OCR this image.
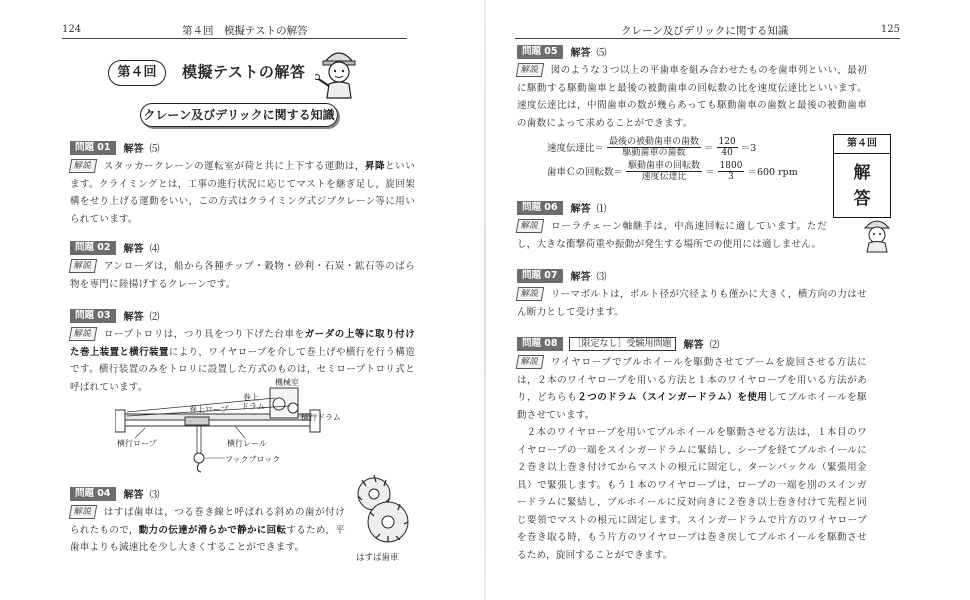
124	第４回　模擬テストの解答
第４回	模擬テストの解答
クレーン及びデリックに関する知識
問題 01	解答 ⑸
解説 スタッカークレーンの運転室が荷と共に上下する運動は，昇降といいます。クライミングとは，工事の進行状況に応じてマストを継ぎ足し，旋回架構をせり上げる運動をいい，この方式はクライミング式ジブクレーン等に用いられています。
問題 02	解答 ⑷
解説 アンローダは，船から各種チップ・穀物・砂利・石炭・鉱石等のばら物を専門に陸揚げするクレーンです。
問題 03	解答 ⑵
解説 ロープトロリは，つり具をつり下げた台車をガーダの上等に取り付けた巻上装置と横行装置により，ワイヤロープを介して巻上げや横行を行う構造です。横行装置のみをトロリに設置した方式のものは，セミロープトロリ式と呼ばれています。	機械室
巻上 ドラム
巻上ロープ
横行ドラム
横行ロープ	横行レール
フックブロック
問題 04	解答 ⑶
解説 はすば歯車は，つる巻き線と呼ばれる斜めの歯が付けられたもので，動力の伝達が滑らかで静かに回転するため，平歯車よりも減速比を少し大きくすることができます。
はすば歯車
クレーン及びデリックに関する知識	125
問題 05	解答 ⑸
解説 図のような３つ以上の平歯車を組み合わせたものを歯車列といい，最初に駆動する駆動歯車と最後の被動歯車の回転数の比を速度伝達比といいます。速度伝達比は，中間歯車の数が幾らあっても駆動歯車の歯数と最後の被動歯車の歯数によって求めることができます。
速度伝達比＝ $\frac{\text{最後の被動歯車の歯数}}{\text{駆動歯車の歯数}} = \frac{120}{40} =3$
歯車Ｃの回転数＝ $\frac{\text{駆動歯車の回転数}}{\text{速度伝達比}} = \frac{1800}{3} =600$ rpm
第４回
解
答
問題 06	解答 ⑴
解説 ローラチェーン軸継手は，中高速回転に適しています。ただし，大きな衝撃荷重や振動が発生する場所での使用には適しません。
問題 07	解答 ⑶
解説 リーマボルトは，ボルト径が穴径よりも僅かに大きく，横方向の力はせん断力として受けます。
問題 08	［限定なし］受験用問題	解答 ⑵
解説 ワイヤロープでブルホイールを駆動させてブームを旋回させる方法には，２本のワイヤロープを用いる方法と１本のワイヤロープを用いる方法があり，どちらも２つのドラム（スインガードラム）を使用してブルホイールを駆動させています。
２本のワイヤロープを用いてブルホイールを駆動させる方法は，１本目のワイヤロープの一端をスインガードラムに緊結し，シーブを経てブルホイールに２巻き以上巻き付けてからマストの根元に固定し，ターンバックル（緊張用金具）で緊張します。もう１本のワイヤロープは，ロープの一端を別のスインガードラムに緊結し，ブルホイールに反対向きに２巻き以上巻き付けて先程と同じ要領でマストの根元に固定します。スインガードラムで片方のワイヤロープを巻き取る時，もう片方のワイヤロープは巻き戻してブルホイールを駆動させるため，旋回することができます。
